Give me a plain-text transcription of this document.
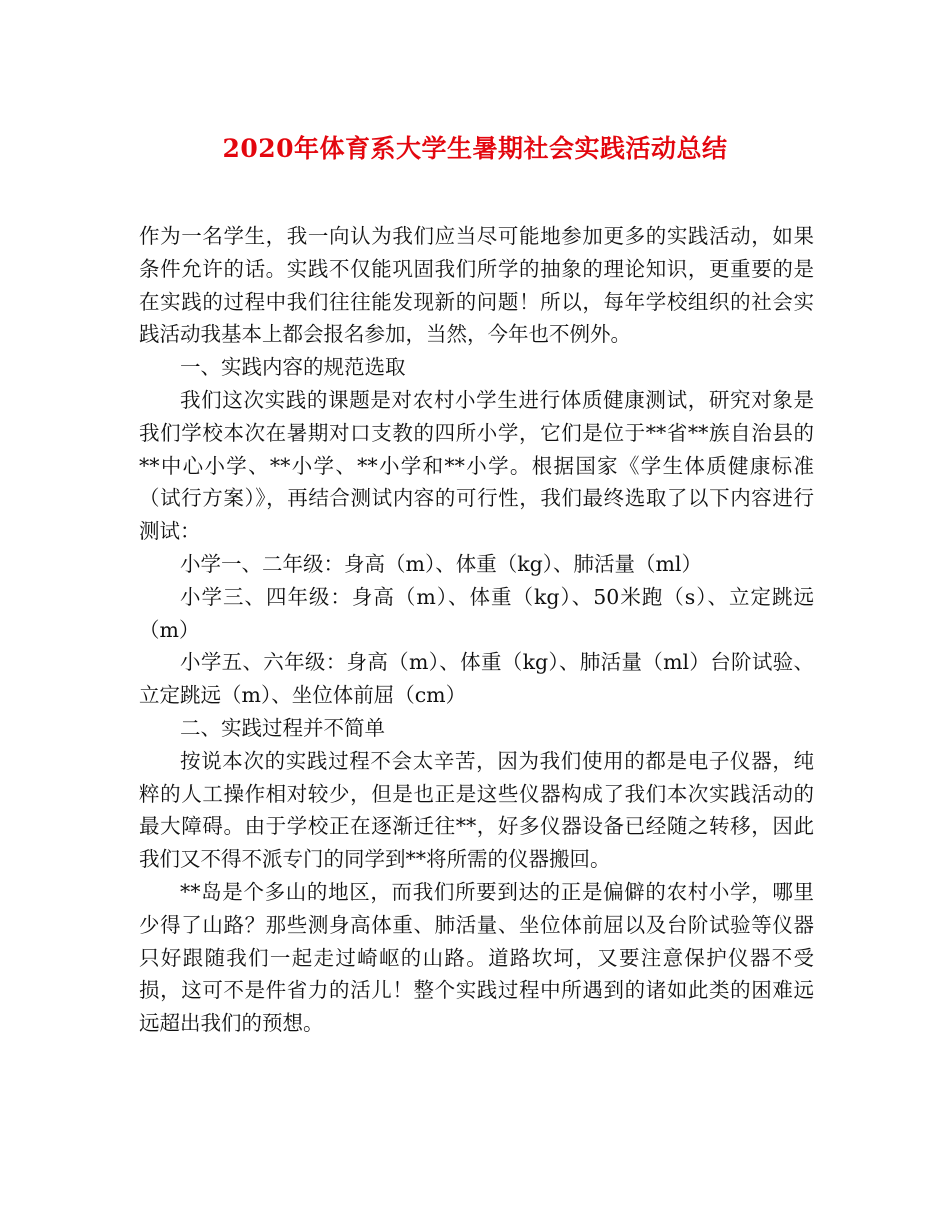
2020年体育系大学生暑期社会实践活动总结

作为一名学生，我一向认为我们应当尽可能地参加更多的实践活动，如果条件允许的话。实践不仅能巩固我们所学的抽象的理论知识，更重要的是在实践的过程中我们往往能发现新的问题！所以，每年学校组织的社会实践活动我基本上都会报名参加，当然，今年也不例外。

一、实践内容的规范选取

我们这次实践的课题是对农村小学生进行体质健康测试，研究对象是我们学校本次在暑期对口支教的四所小学，它们是位于**省**族自治县的**中心小学、**小学、**小学和**小学。根据国家《学生体质健康标准（试行方案）》，再结合测试内容的可行性，我们最终选取了以下内容进行测试：

小学一、二年级：身高（m）、体重（kg）、肺活量（ml）

小学三、四年级：身高（m）、体重（kg）、50米跑（s）、立定跳远（m）

小学五、六年级：身高（m）、体重（kg）、肺活量（ml）台阶试验、立定跳远（m）、坐位体前屈（cm）

二、实践过程并不简单

按说本次的实践过程不会太辛苦，因为我们使用的都是电子仪器，纯粹的人工操作相对较少，但是也正是这些仪器构成了我们本次实践活动的最大障碍。由于学校正在逐渐迁往**，好多仪器设备已经随之转移，因此我们又不得不派专门的同学到**将所需的仪器搬回。

**岛是个多山的地区，而我们所要到达的正是偏僻的农村小学，哪里少得了山路？那些测身高体重、肺活量、坐位体前屈以及台阶试验等仪器只好跟随我们一起走过崎岖的山路。道路坎坷，又要注意保护仪器不受损，这可不是件省力的活儿！整个实践过程中所遇到的诸如此类的困难远远超出我们的预想。
